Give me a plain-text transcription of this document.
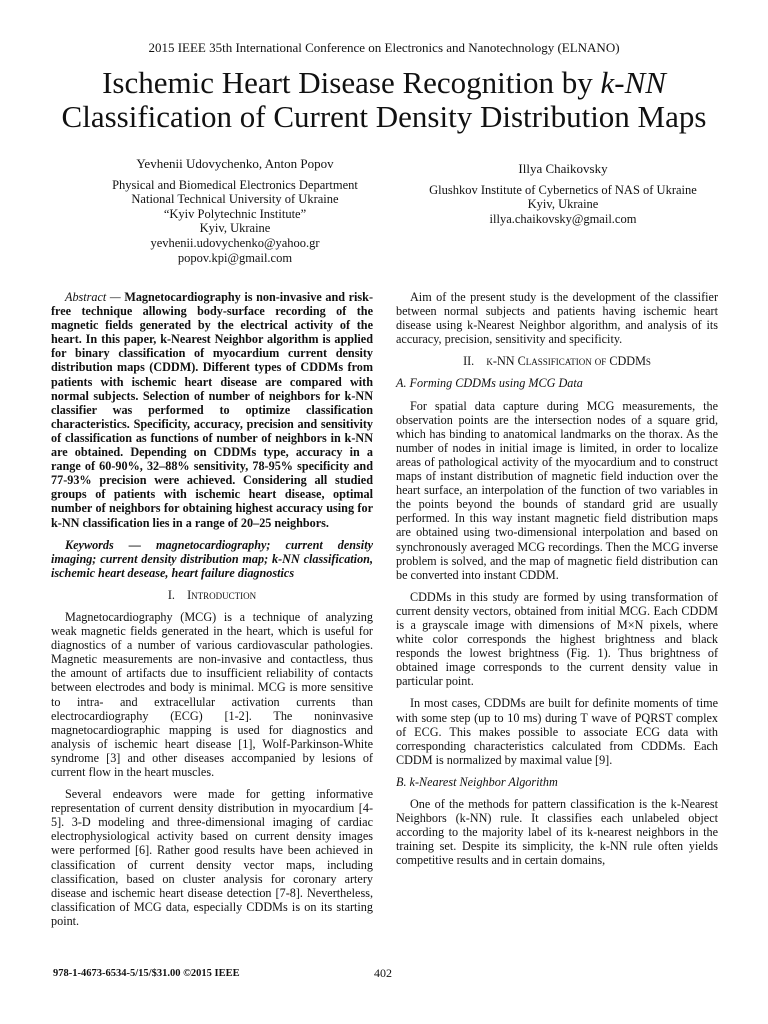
2015 IEEE 35th International Conference on Electronics and Nanotechnology (ELNANO)
Ischemic Heart Disease Recognition by k-NN
Classification of Current Density Distribution Maps
Yevhenii Udovychenko, Anton Popov
Physical and Biomedical Electronics Department
National Technical University of Ukraine
“Kyiv Polytechnic Institute”
Kyiv, Ukraine
yevhenii.udovychenko@yahoo.gr
popov.kpi@gmail.com
Illya Chaikovsky
Glushkov Institute of Cybernetics of NAS of Ukraine
Kyiv, Ukraine
illya.chaikovsky@gmail.com

Abstract — Magnetocardiography is non-invasive and risk-free technique allowing body-surface recording of the magnetic fields generated by the electrical activity of the heart. In this paper, k-Nearest Neighbor algorithm is applied for binary classification of myocardium current density distribution maps (CDDM). Different types of CDDMs from patients with ischemic heart disease are compared with normal subjects. Selection of number of neighbors for k-NN classifier was performed to optimize classification characteristics. Specificity, accuracy, precision and sensitivity of classification as functions of number of neighbors in k-NN are obtained. Depending on CDDMs type, accuracy in a range of 60-90%, 32–88% sensitivity, 78-95% specificity and 77-93% precision were achieved. Considering all studied groups of patients with ischemic heart disease, optimal number of neighbors for obtaining highest accuracy using for k-NN classification lies in a range of 20–25 neighbors.

Keywords — magnetocardiography; current density imaging; current density distribution map; k-NN classification, ischemic heart desease, heart failure diagnostics

I. Introduction

Magnetocardiography (MCG) is a technique of analyzing weak magnetic fields generated in the heart, which is useful for diagnostics of a number of various cardiovascular pathologies. Magnetic measurements are non-invasive and contactless, thus the amount of artifacts due to insufficient reliability of contacts between electrodes and body is minimal. MCG is more sensitive to intra- and extracellular activation currents than electrocardiography (ECG) [1-2]. The noninvasive magnetocardiographic mapping is used for diagnostics and analysis of ischemic heart disease [1], Wolf-Parkinson-White syndrome [3] and other diseases accompanied by lesions of current flow in the heart muscles.

Several endeavors were made for getting informative representation of current density distribution in myocardium [4-5]. 3-D modeling and three-dimensional imaging of cardiac electrophysiological activity based on current density images were performed [6]. Rather good results have been achieved in classification of current density vector maps, including classification, based on cluster analysis for coronary artery disease and ischemic heart disease detection [7-8]. Nevertheless, classification of MCG data, especially CDDMs is on its starting point.

Aim of the present study is the development of the classifier between normal subjects and patients having ischemic heart disease using k-Nearest Neighbor algorithm, and analysis of its accuracy, precision, sensitivity and specificity.

II. k-NN Classification of CDDMs

A. Forming CDDMs using MCG Data

For spatial data capture during MCG measurements, the observation points are the intersection nodes of a square grid, which has binding to anatomical landmarks on the thorax. As the number of nodes in initial image is limited, in order to localize areas of pathological activity of the myocardium and to construct maps of instant distribution of magnetic field induction over the heart surface, an interpolation of the function of two variables in the points beyond the bounds of standard grid are usually performed. In this way instant magnetic field distribution maps are obtained using two-dimensional interpolation and based on synchronously averaged MCG recordings. Then the MCG inverse problem is solved, and the map of magnetic field distribution can be converted into instant CDDM.

CDDMs in this study are formed by using transformation of current density vectors, obtained from initial MCG. Each CDDM is a grayscale image with dimensions of M×N pixels, where white color corresponds the highest brightness and black responds the lowest brightness (Fig. 1). Thus brightness of obtained image corresponds to the current density value in particular point.

In most cases, CDDMs are built for definite moments of time with some step (up to 10 ms) during T wave of PQRST complex of ECG. This makes possible to associate ECG data with corresponding characteristics calculated from CDDMs. Each CDDM is normalized by maximal value [9].

B. k-Nearest Neighbor Algorithm

One of the methods for pattern classification is the k-Nearest Neighbors (k-NN) rule. It classifies each unlabeled object according to the majority label of its k-nearest neighbors in the training set. Despite its simplicity, the k-NN rule often yields competitive results and in certain domains,

978-1-4673-6534-5/15/$31.00 ©2015 IEEE	402
